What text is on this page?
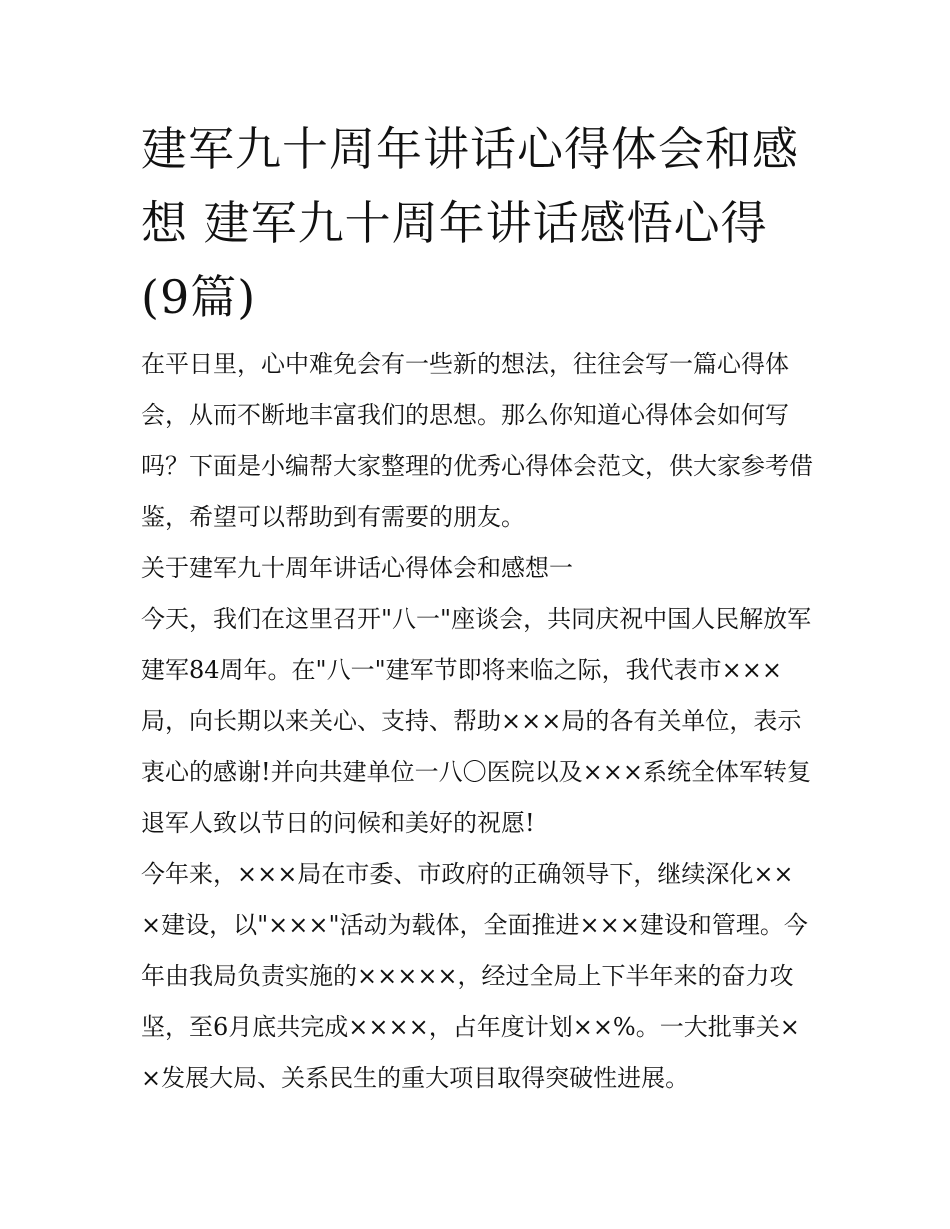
建军九十周年讲话心得体会和感想 建军九十周年讲话感悟心得(9篇)

在平日里，心中难免会有一些新的想法，往往会写一篇心得体会，从而不断地丰富我们的思想。那么你知道心得体会如何写吗？下面是小编帮大家整理的优秀心得体会范文，供大家参考借鉴，希望可以帮助到有需要的朋友。

关于建军九十周年讲话心得体会和感想一

今天，我们在这里召开"八一"座谈会，共同庆祝中国人民解放军建军84周年。在"八一"建军节即将来临之际，我代表市×××局，向长期以来关心、支持、帮助×××局的各有关单位，表示衷心的感谢!并向共建单位一八〇医院以及×××系统全体军转复退军人致以节日的问候和美好的祝愿!

今年来，×××局在市委、市政府的正确领导下，继续深化×××建设，以"×××"活动为载体，全面推进×××建设和管理。今年由我局负责实施的×××××，经过全局上下半年来的奋力攻坚，至6月底共完成××××，占年度计划××%。一大批事关××发展大局、关系民生的重大项目取得突破性进展。
